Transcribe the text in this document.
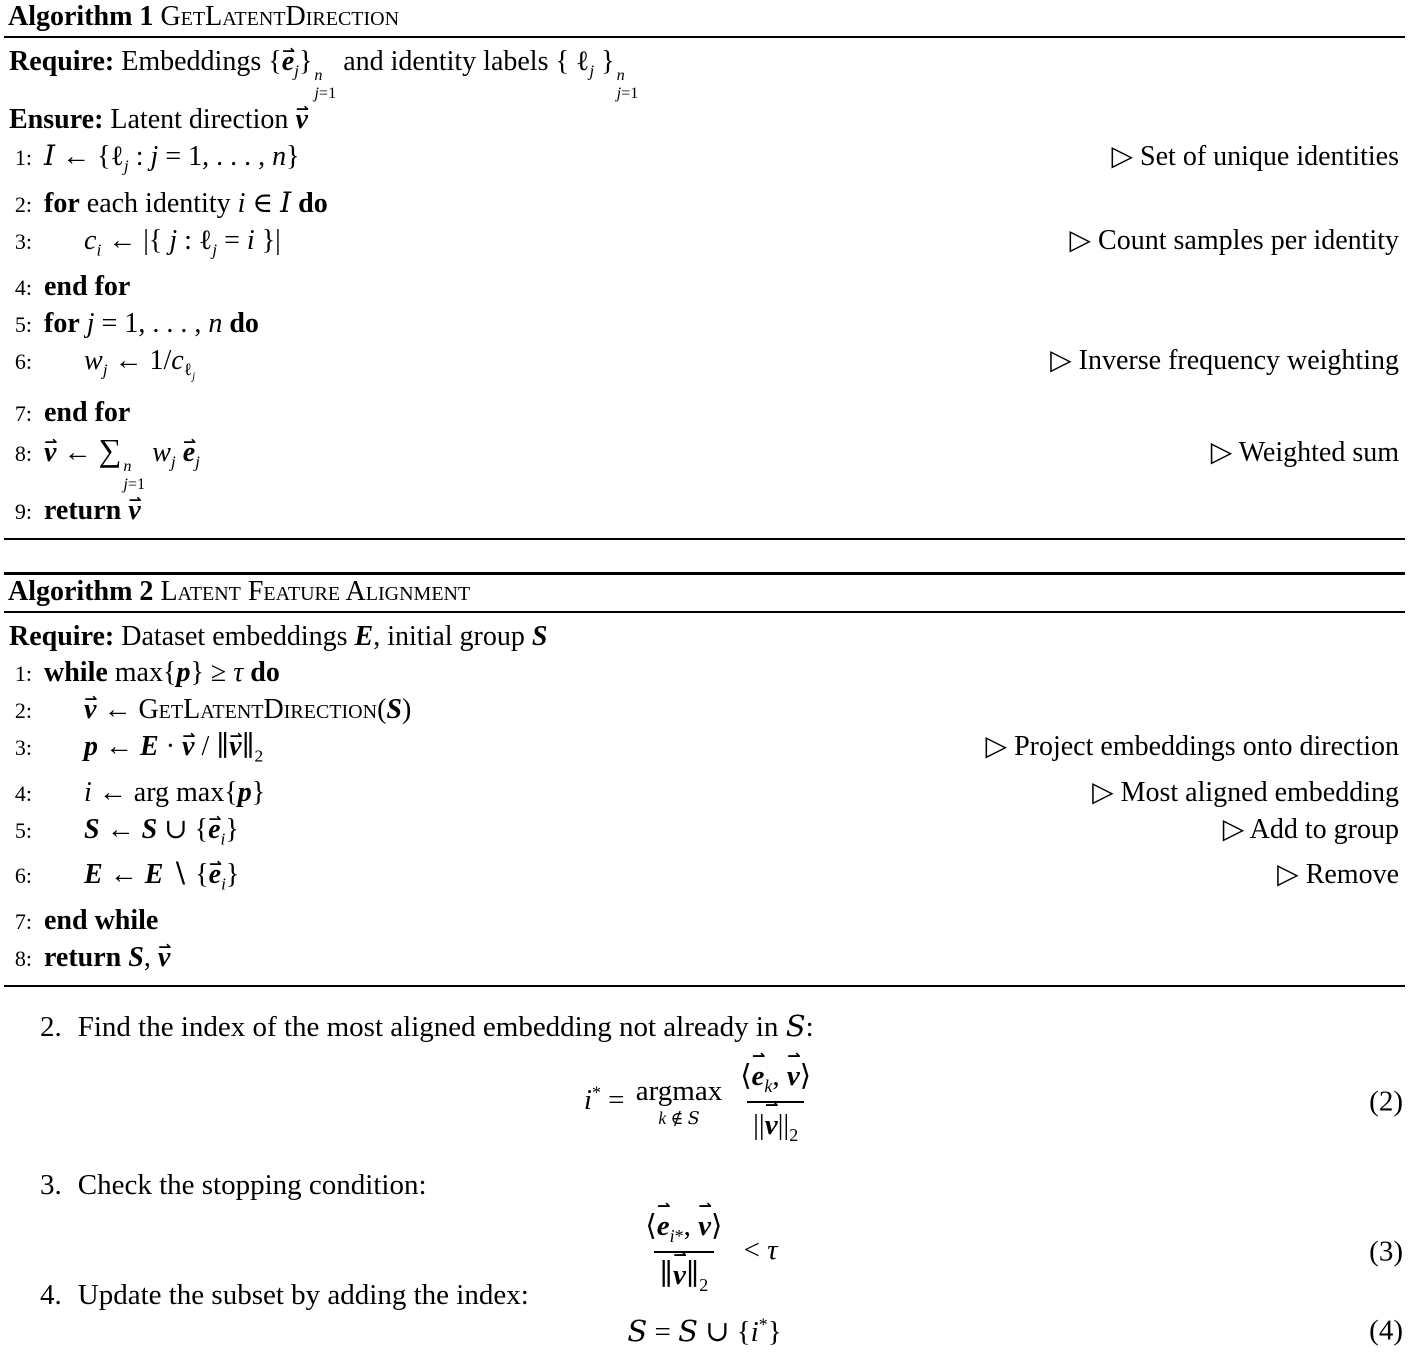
Algorithm 1 GetLatentDirection
Require: Embeddings {e $⇀_j$} n
j=1
and identity labels { ℓ$_j$ } n
j=1
Ensure: Latent direction v ⇀
1: I ← {ℓ$_j$ : j = 1, . . . , n}	▷ Set of unique identities
2: for each identity i ∈ I do
3:	$c_i$ ← |{ j : ℓ$_j$ = i }|	▷ Count samples per identity
4: end for
5: for j = 1, . . . , n do
6:	$w_j$ ← $1/c_{\ell_j}$
▷ Inverse frequency weighting
7: end for
8: v ⇀ ← ∑ n
j=1
$w_j$ e $⇀_j$	▷ Weighted sum
9: return v ⇀
Algorithm 2 Latent Feature Alignment
Require: Dataset embeddings E, initial group S
1: while max{p} ≥ τ do
2:	v ⇀ ← GetLatentDirection(S)
3:	p ← E · v ⇀ / ∥v $⇀\parallel_2$	▷ Project embeddings onto direction
4:	i ← arg max{p}	▷ Most aligned embedding
5:	S ← S ∪ {e $⇀_i$}	▷ Add to group
6:	E ← E ∖ {e $⇀_i$}	▷ Remove
7: end while
8: return S, v ⇀
2. Find the index of the most aligned embedding not already in S:
i* = argmax
k ∉ S $\frac{⟨e ⇀_k, v ⇀⟩}{||v ⇀||_2}$	(2)
3. Check the stopping condition:
$\frac{⟨e ⇀_{i*}, v ⇀⟩}{\parallel v ⇀\parallel_2} < \tau$	(3)
4. Update the subset by adding the index:
S = S ∪ {i*}	(4)
